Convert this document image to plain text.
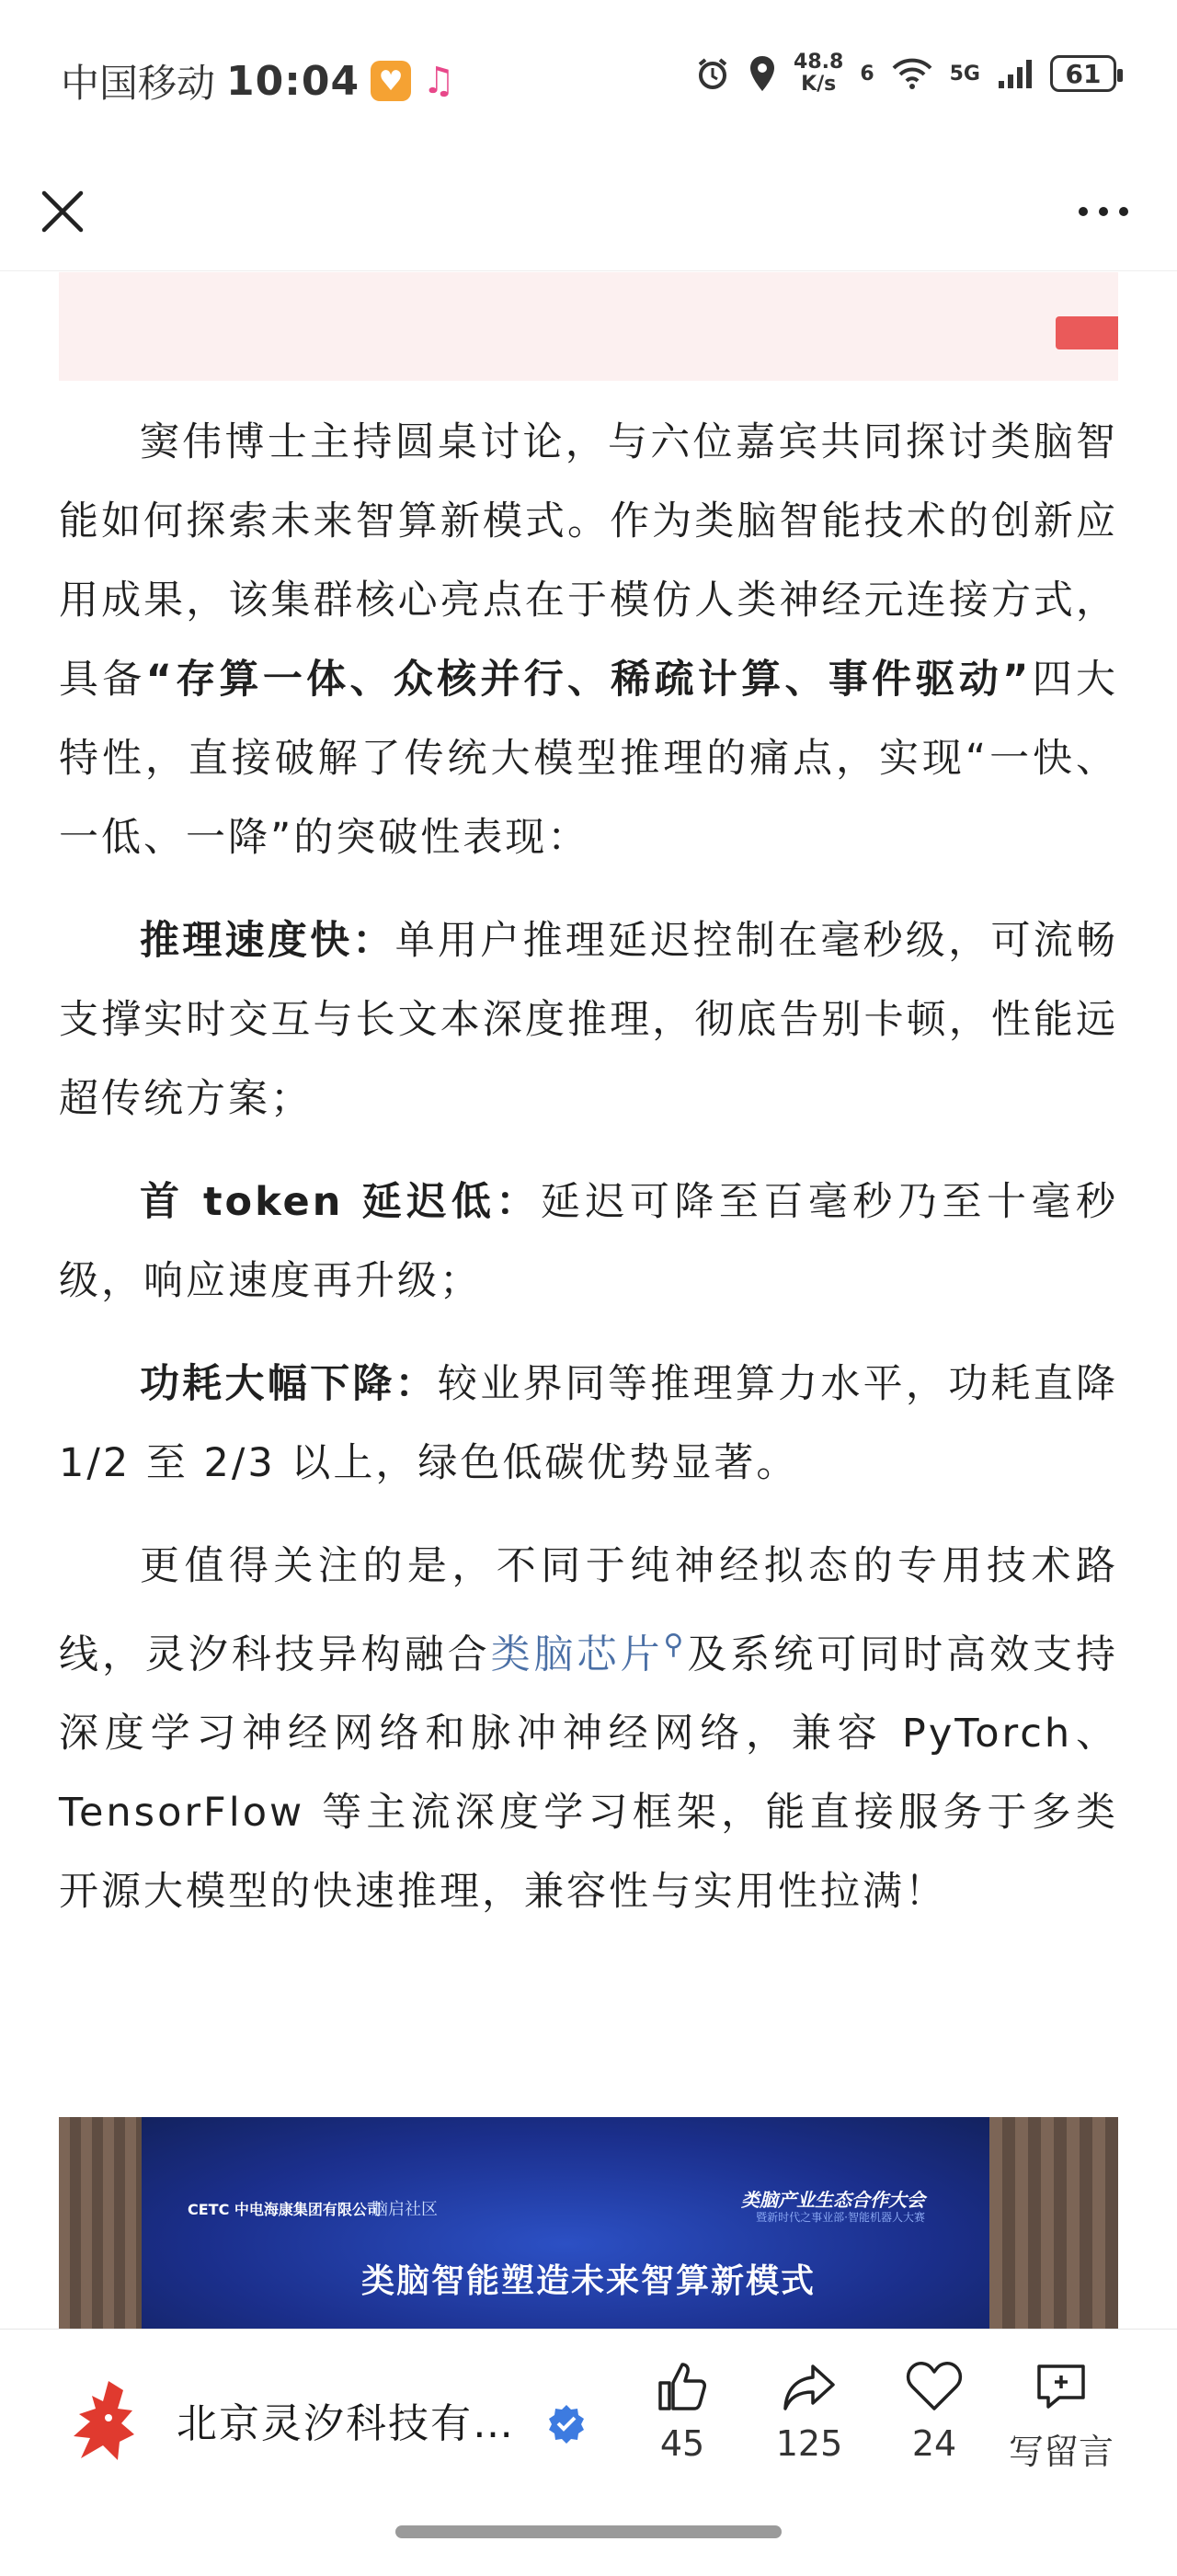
中国移动 10:04 ♥ ♫	48.8
K/s	6	5G	61

窦伟博士主持圆桌讨论，与六位嘉宾共同探讨类脑智能如何探索未来智算新模式。作为类脑智能技术的创新应用成果，该集群核心亮点在于模仿人类神经元连接方式，具备“存算一体、众核并行、稀疏计算、事件驱动”四大特性，直接破解了传统大模型推理的痛点，实现“一快、一低、一降”的突破性表现：

推理速度快：单用户推理延迟控制在毫秒级，可流畅支撑实时交互与长文本深度推理，彻底告别卡顿，性能远超传统方案；

首 token 延迟低：延迟可降至百毫秒乃至十毫秒级，响应速度再升级；

功耗大幅下降：较业界同等推理算力水平，功耗直降 1/2 至 2/3 以上，绿色低碳优势显著。

更值得关注的是，不同于纯神经拟态的专用技术路线，灵汐科技异构融合类脑芯片⚲及系统可同时高效支持深度学习神经网络和脉冲神经网络，兼容 PyTorch、TensorFlow 等主流深度学习框架，能直接服务于多类开源大模型的快速推理，兼容性与实用性拉满！

CETC 中电海康集团有限公司
脑启社区	类脑产业生态合作大会
暨新时代之事业部·智能机器人大赛
类脑智能塑造未来智算新模式
北京灵汐科技有…	45	125	24	写留言
